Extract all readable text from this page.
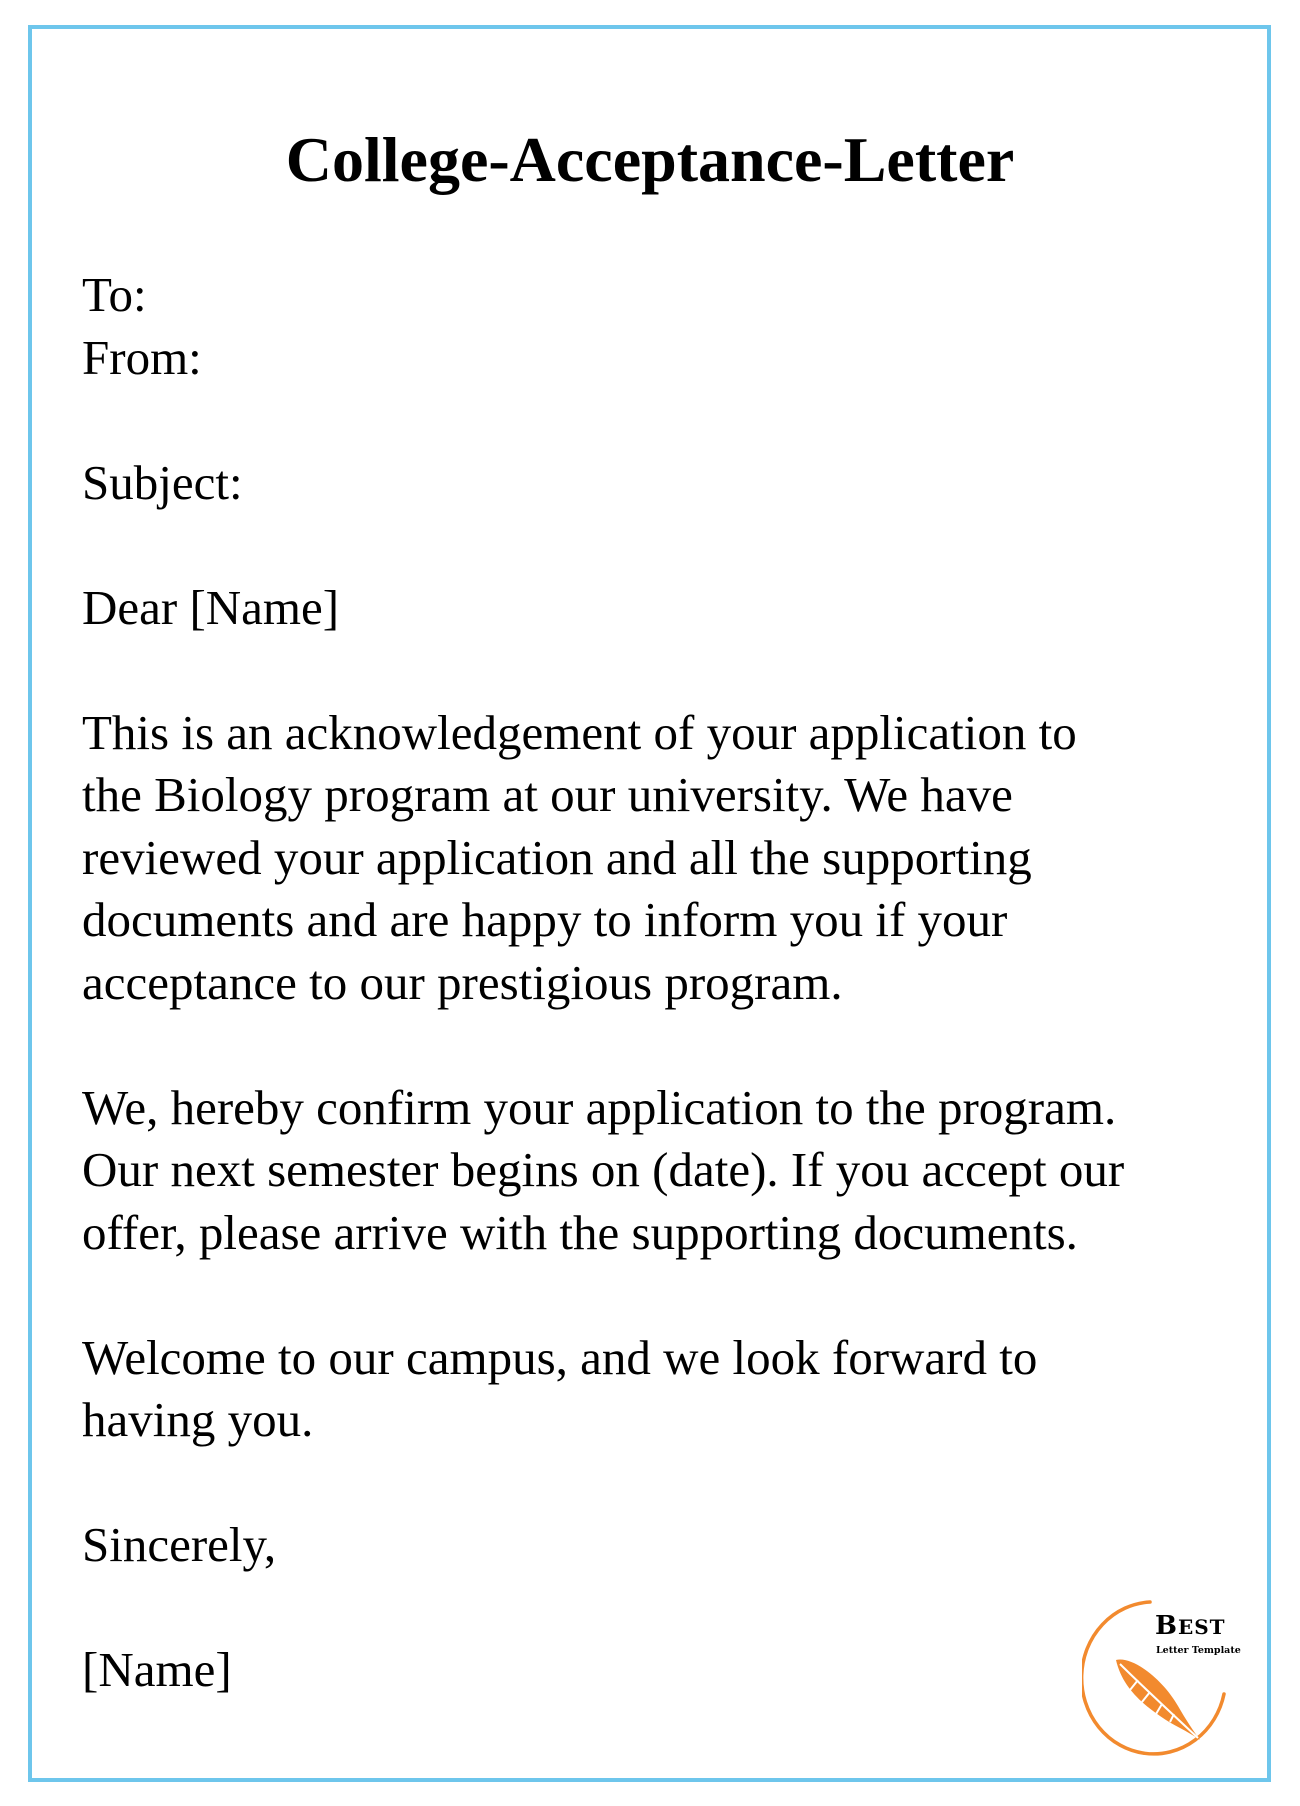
College-Acceptance-Letter
To:
From:
Subject:
Dear [Name]
This is an acknowledgement of your application to
the Biology program at our university. We have
reviewed your application and all the supporting
documents and are happy to inform you if your
acceptance to our prestigious program.
We, hereby confirm your application to the program.
Our next semester begins on (date). If you accept our
offer, please arrive with the supporting documents.
Welcome to our campus, and we look forward to
having you.
Sincerely,
[Name]
BEST
Letter Template
